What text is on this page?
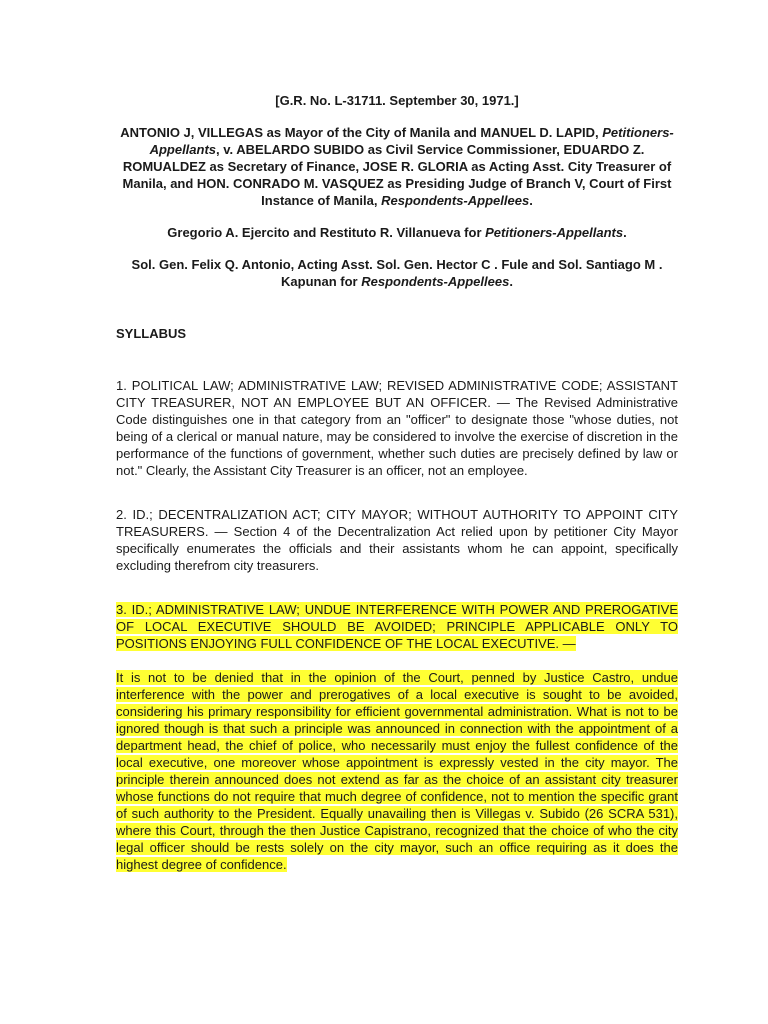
[G.R. No. L-31711. September 30, 1971.]
ANTONIO J, VILLEGAS as Mayor of the City of Manila and MANUEL D. LAPID, Petitioners-Appellants, v. ABELARDO SUBIDO as Civil Service Commissioner, EDUARDO Z. ROMUALDEZ as Secretary of Finance, JOSE R. GLORIA as Acting Asst. City Treasurer of Manila, and HON. CONRADO M. VASQUEZ as Presiding Judge of Branch V, Court of First Instance of Manila, Respondents-Appellees.
Gregorio A. Ejercito and Restituto R. Villanueva for Petitioners-Appellants.
Sol. Gen. Felix Q. Antonio, Acting Asst. Sol. Gen. Hector C . Fule and Sol. Santiago M . Kapunan for Respondents-Appellees.
SYLLABUS
1. POLITICAL LAW; ADMINISTRATIVE LAW; REVISED ADMINISTRATIVE CODE; ASSISTANT CITY TREASURER, NOT AN EMPLOYEE BUT AN OFFICER. — The Revised Administrative Code distinguishes one in that category from an "officer" to designate those "whose duties, not being of a clerical or manual nature, may be considered to involve the exercise of discretion in the performance of the functions of government, whether such duties are precisely defined by law or not." Clearly, the Assistant City Treasurer is an officer, not an employee.
2. ID.; DECENTRALIZATION ACT; CITY MAYOR; WITHOUT AUTHORITY TO APPOINT CITY TREASURERS. — Section 4 of the Decentralization Act relied upon by petitioner City Mayor specifically enumerates the officials and their assistants whom he can appoint, specifically excluding therefrom city treasurers.
3. ID.; ADMINISTRATIVE LAW; UNDUE INTERFERENCE WITH POWER AND PREROGATIVE OF LOCAL EXECUTIVE SHOULD BE AVOIDED; PRINCIPLE APPLICABLE ONLY TO POSITIONS ENJOYING FULL CONFIDENCE OF THE LOCAL EXECUTIVE. —
It is not to be denied that in the opinion of the Court, penned by Justice Castro, undue interference with the power and prerogatives of a local executive is sought to be avoided, considering his primary responsibility for efficient governmental administration. What is not to be ignored though is that such a principle was announced in connection with the appointment of a department head, the chief of police, who necessarily must enjoy the fullest confidence of the local executive, one moreover whose appointment is expressly vested in the city mayor. The principle therein announced does not extend as far as the choice of an assistant city treasurer whose functions do not require that much degree of confidence, not to mention the specific grant of such authority to the President. Equally unavailing then is Villegas v. Subido (26 SCRA 531), where this Court, through the then Justice Capistrano, recognized that the choice of who the city legal officer should be rests solely on the city mayor, such an office requiring as it does the highest degree of confidence.
